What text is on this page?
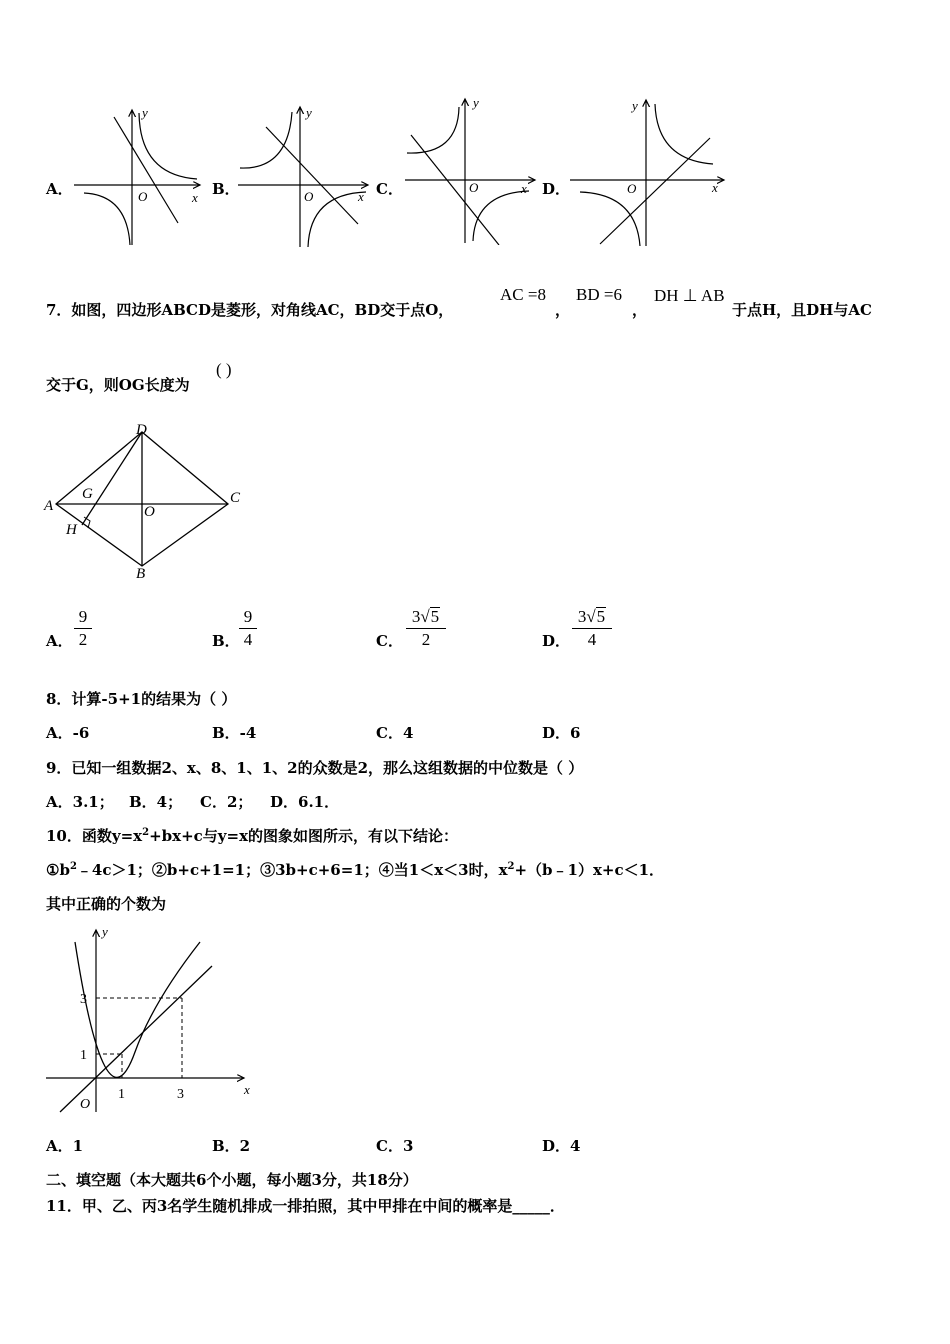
A．
y
x
O	B．
y
x
O	C．
y
x
O	D．
y
x
O
7．如图，四边形ABCD是菱形，对角线AC，BD交于点O，
AC =8
，
BD =6
，
DH ⊥ AB
于点H，且DH与AC
交于G，则OG长度为
( )
D
A	C
B
G
H
O
A． $\frac{9}{2}$	B． $\frac{9}{4}$	C． $\frac{3√5}{2}$	D． $\frac{3√5}{4}$
8．计算-5+1的结果为（ ）
A．-6	B．-4	C．4	D．6
9．已知一组数据2、x、8、1、1、2的众数是2，那么这组数据的中位数是（ ）
A．3.1； B．4； C．2； D．6.1．
10．函数$y=x^2+bx+c$与y=x的图象如图所示，有以下结论：
$①b^2﹣4c>1$；②b+c+1=1；③3b+c+6=1；④当1＜x＜3时，$x^2+(b﹣1)x+c<1$．
其中正确的个数为
y
x
O
3
1
1	3
A．1	B．2	C．3	D．4
二、填空题（本大题共6个小题，每小题3分，共18分）
11．甲、乙、丙3名学生随机排成一排拍照，其中甲排在中间的概率是_____．
